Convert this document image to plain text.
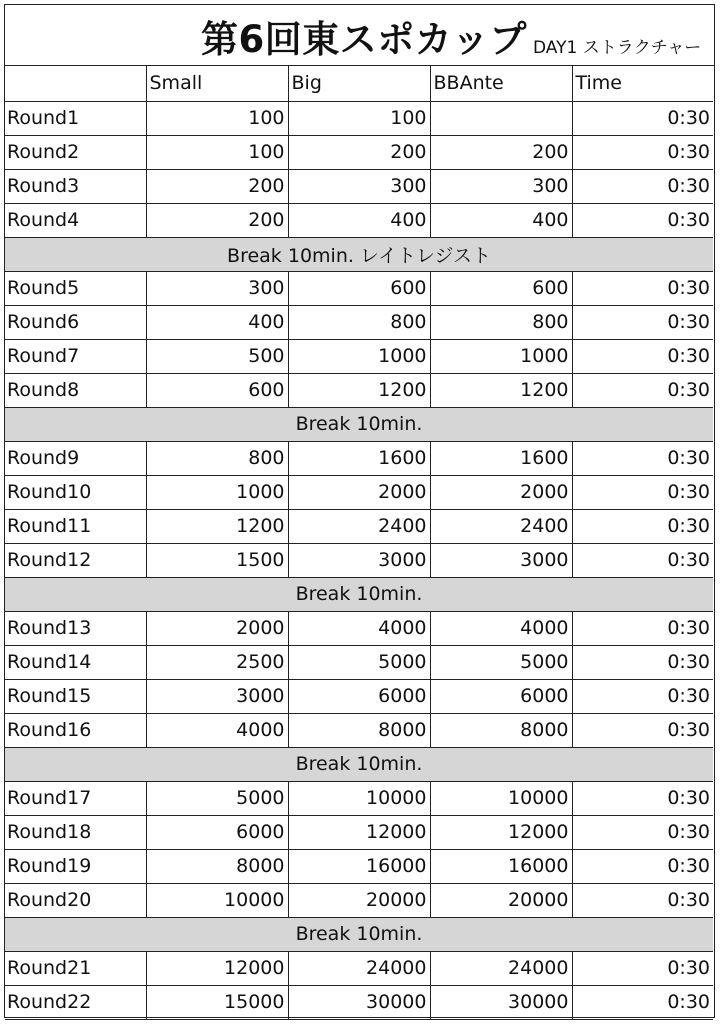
第6回東スポカップ DAY1 ストラクチャー
	Small	Big	BBAnte	Time
Round1	100	100		0:30
Round2	100	200	200	0:30
Round3	200	300	300	0:30
Round4	200	400	400	0:30
Break 10min. レイトレジスト				
Round5	300	600	600	0:30
Round6	400	800	800	0:30
Round7	500	1000	1000	0:30
Round8	600	1200	1200	0:30
Break 10min.				
Round9	800	1600	1600	0:30
Round10	1000	2000	2000	0:30
Round11	1200	2400	2400	0:30
Round12	1500	3000	3000	0:30
Break 10min.				
Round13	2000	4000	4000	0:30
Round14	2500	5000	5000	0:30
Round15	3000	6000	6000	0:30
Round16	4000	8000	8000	0:30
Break 10min.				
Round17	5000	10000	10000	0:30
Round18	6000	12000	12000	0:30
Round19	8000	16000	16000	0:30
Round20	10000	20000	20000	0:30
Break 10min.				
Round21	12000	24000	24000	0:30
Round22	15000	30000	30000	0:30
